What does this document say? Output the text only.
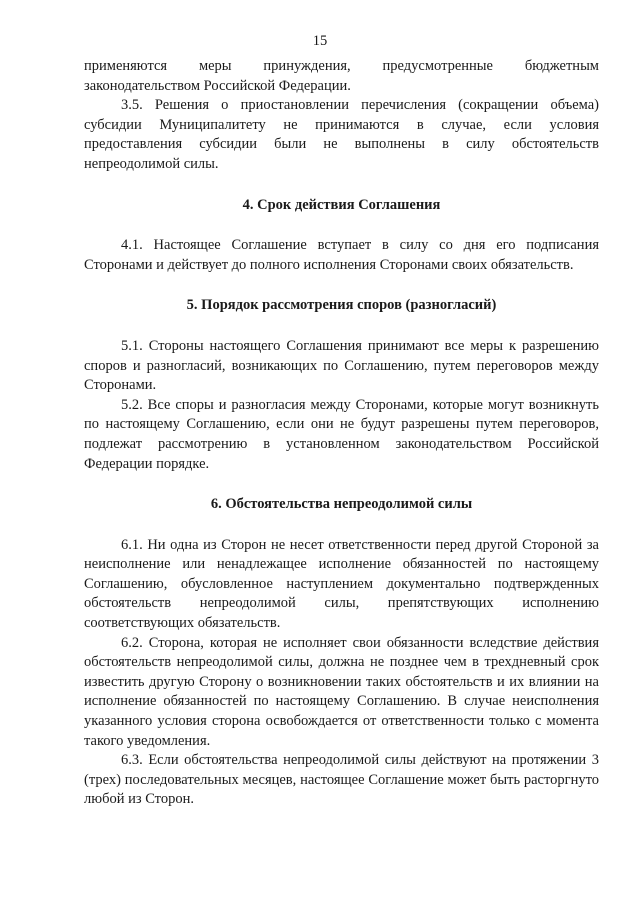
15

применяются меры принуждения, предусмотренные бюджетным законодательством Российской Федерации.

3.5. Решения о приостановлении перечисления (сокращении объема) субсидии Муниципалитету не принимаются в случае, если условия предоставления субсидии были не выполнены в силу обстоятельств непреодолимой силы.

4. Срок действия Соглашения

4.1. Настоящее Соглашение вступает в силу со дня его подписания Сторонами и действует до полного исполнения Сторонами своих обязательств.

5. Порядок рассмотрения споров (разногласий)

5.1. Стороны настоящего Соглашения принимают все меры к разрешению споров и разногласий, возникающих по Соглашению, путем переговоров между Сторонами.

5.2. Все споры и разногласия между Сторонами, которые могут возникнуть по настоящему Соглашению, если они не будут разрешены путем переговоров, подлежат рассмотрению в установленном законодательством Российской Федерации порядке.

6. Обстоятельства непреодолимой силы

6.1. Ни одна из Сторон не несет ответственности перед другой Стороной за неисполнение или ненадлежащее исполнение обязанностей по настоящему Соглашению, обусловленное наступлением документально подтвержденных обстоятельств непреодолимой силы, препятствующих исполнению соответствующих обязательств.

6.2. Сторона, которая не исполняет свои обязанности вследствие действия обстоятельств непреодолимой силы, должна не позднее чем в трехдневный срок известить другую Сторону о возникновении таких обстоятельств и их влиянии на исполнение обязанностей по настоящему Соглашению. В случае неисполнения указанного условия сторона освобождается от ответственности только с момента такого уведомления.

6.3. Если обстоятельства непреодолимой силы действуют на протяжении 3 (трех) последовательных месяцев, настоящее Соглашение может быть расторгнуто любой из Сторон.
